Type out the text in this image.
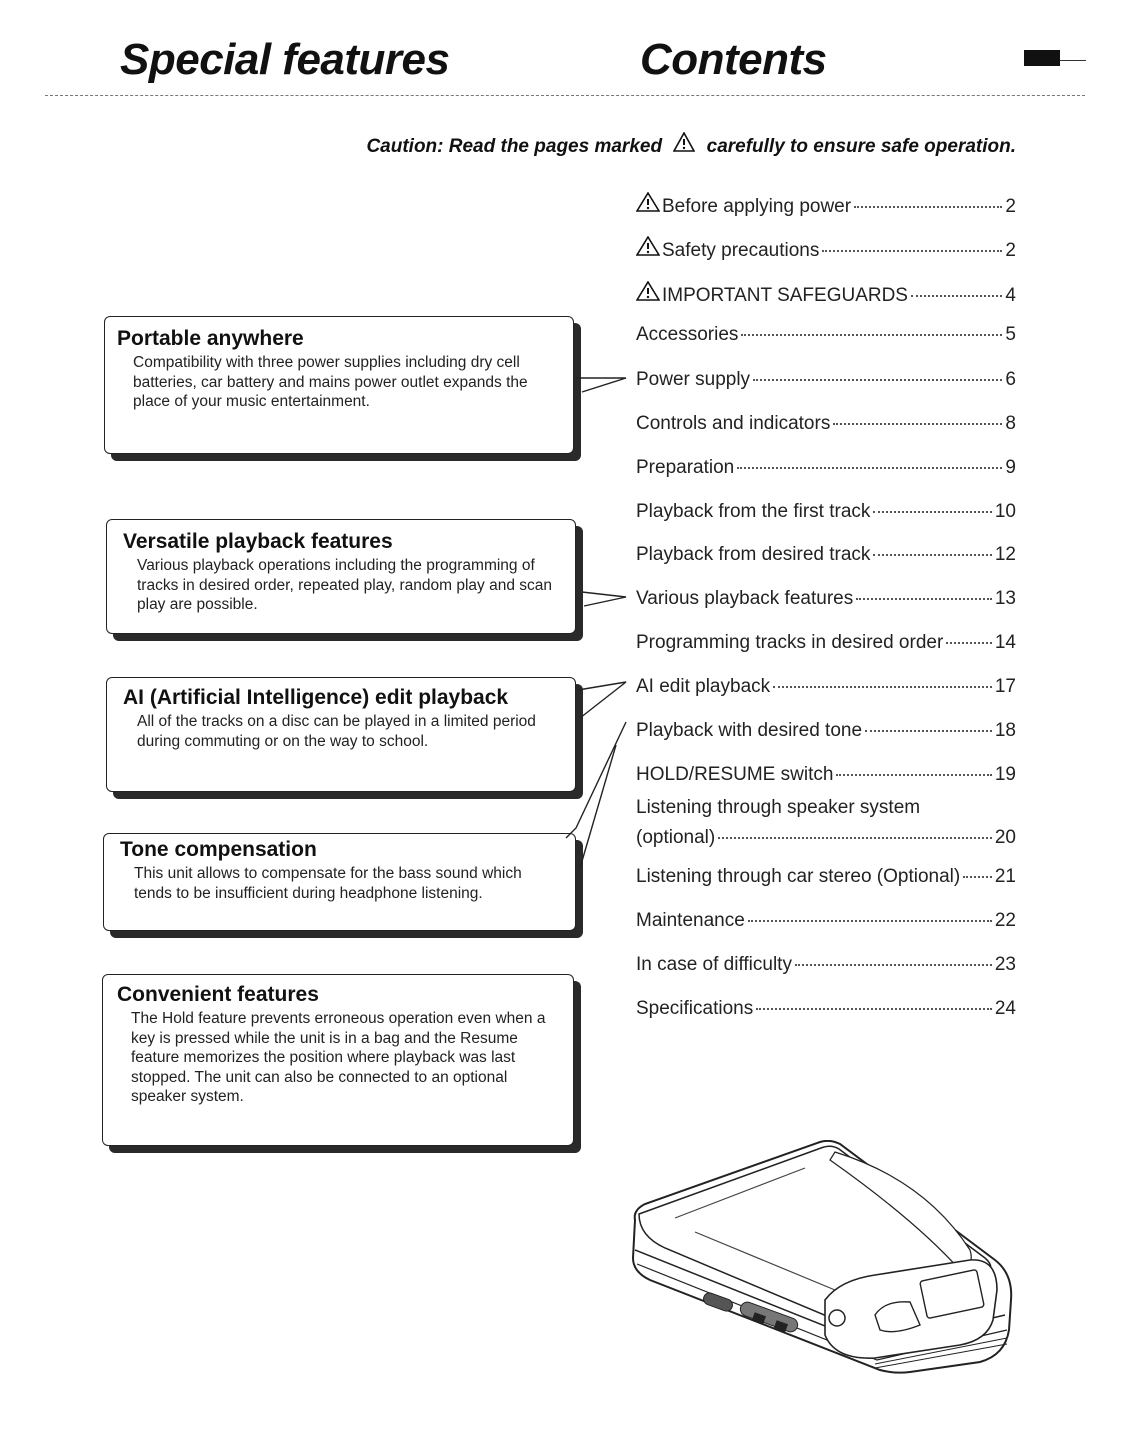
Special features	Contents

Caution: Read the pages marked carefully to ensure safe operation.

Portable anywhere

Compatibility with three power supplies including dry cell batteries, car battery and mains power outlet expands the place of your music entertainment.

Versatile playback features

Various playback operations including the programming of tracks in desired order, repeated play, random play and scan play are possible.

AI (Artificial Intelligence) edit playback

All of the tracks on a disc can be played in a limited period during commuting or on the way to school.

Tone compensation

This unit allows to compensate for the bass sound which tends to be insufficient during headphone listening.

Convenient features

The Hold feature prevents erroneous operation even when a key is pressed while the unit is in a bag and the Resume feature memorizes the position where playback was last stopped. The unit can also be connected to an optional speaker system.

Before applying power	2
Safety precautions	2
IMPORTANT SAFEGUARDS	4
Accessories	5
Power supply	6
Controls and indicators	8
Preparation	9
Playback from the first track	10
Playback from desired track	12
Various playback features	13
Programming tracks in desired order	14
AI edit playback	17
Playback with desired tone	18
HOLD/RESUME switch	19
Listening through speaker system
(optional)	20
Listening through car stereo (Optional) 21
Maintenance	22
In case of difficulty	23
Specifications	24
